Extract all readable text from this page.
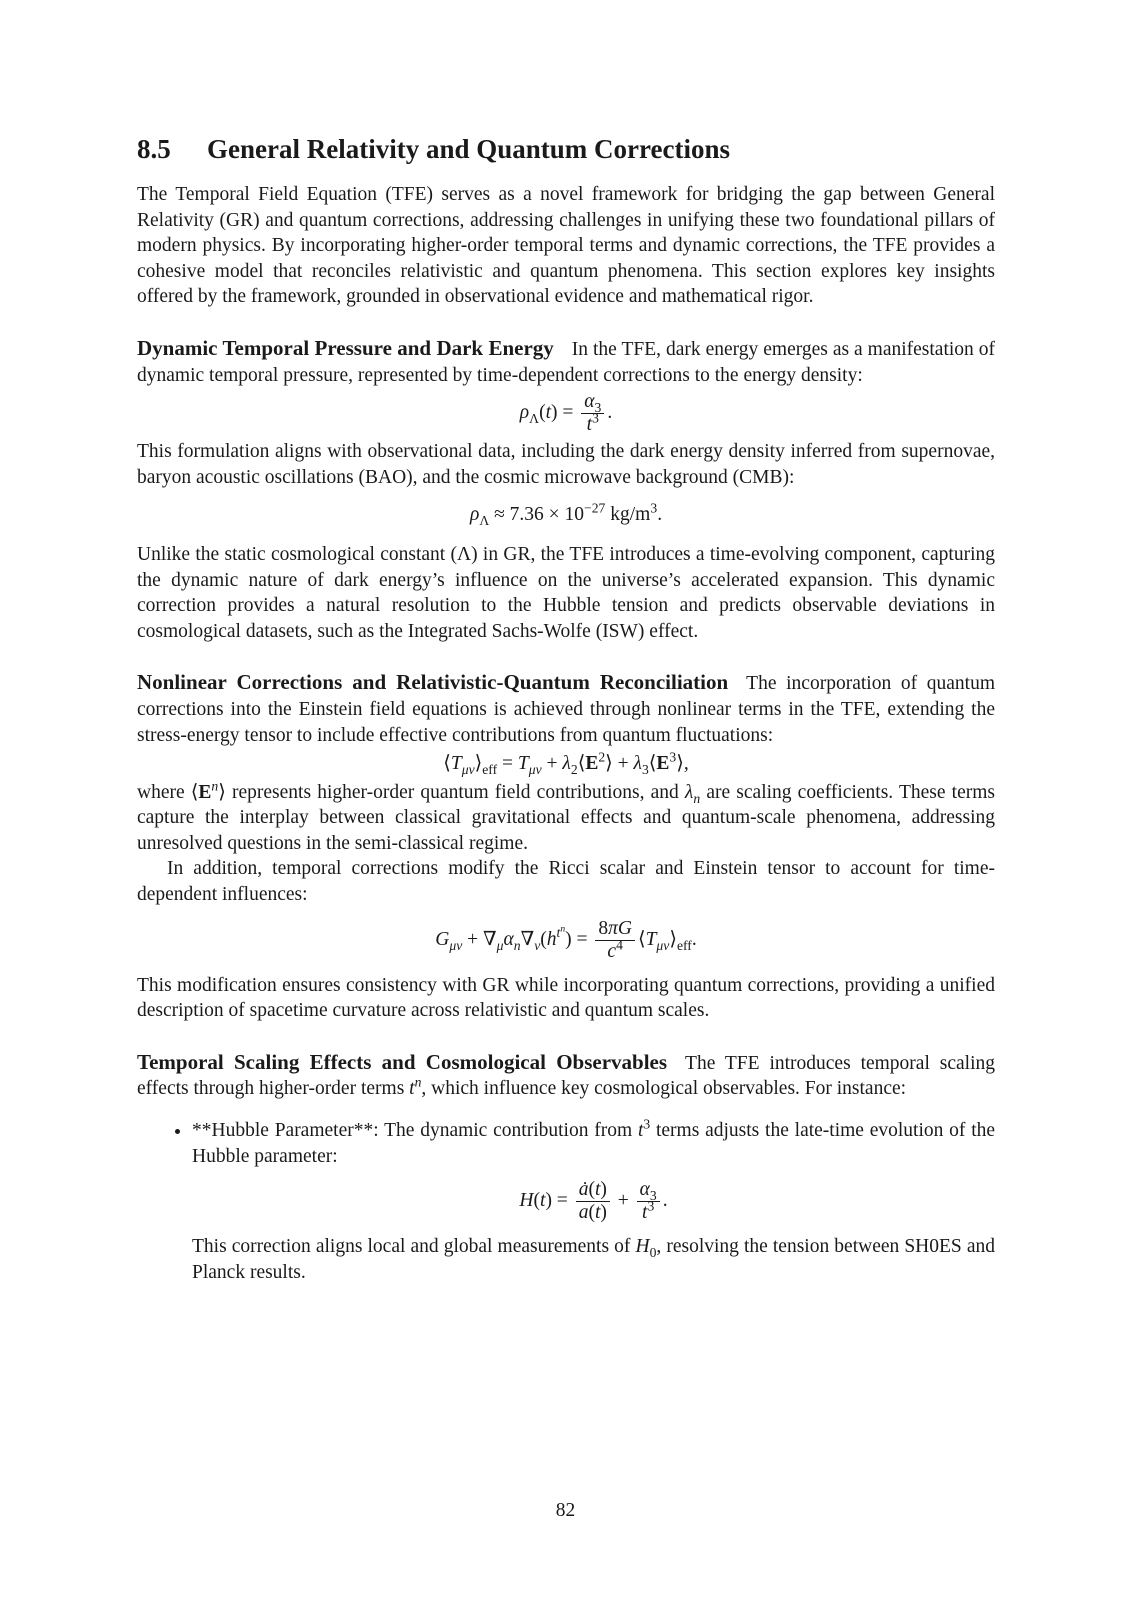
8.5 General Relativity and Quantum Corrections

The Temporal Field Equation (TFE) serves as a novel framework for bridging the gap between General Relativity (GR) and quantum corrections, addressing challenges in unifying these two foundational pillars of modern physics. By incorporating higher-order temporal terms and dynamic corrections, the TFE provides a cohesive model that reconciles relativistic and quantum phenomena. This section explores key insights offered by the framework, grounded in observational evidence and mathematical rigor.

Dynamic Temporal Pressure and Dark Energy In the TFE, dark energy emerges as a manifestation of dynamic temporal pressure, represented by time-dependent corrections to the energy density:

$\rho_\Lambda(t) = \frac{\alpha_3}{t^3}$ .

This formulation aligns with observational data, including the dark energy density inferred from supernovae, baryon acoustic oscillations (BAO), and the cosmic microwave background (CMB):

$\rho_\Lambda \approx 7.36 \times 10^{-27}$ $kg/m^3$.

Unlike the static cosmological constant (Λ) in GR, the TFE introduces a time-evolving component, capturing the dynamic nature of dark energy’s influence on the universe’s accelerated expansion. This dynamic correction provides a natural resolution to the Hubble tension and predicts observable deviations in cosmological datasets, such as the Integrated Sachs-Wolfe (ISW) effect.

Nonlinear Corrections and Relativistic-Quantum Reconciliation The incorporation of quantum corrections into the Einstein field equations is achieved through nonlinear terms in the TFE, extending the stress-energy tensor to include effective contributions from quantum fluctuations:

$⟨T_{\mu\nu}⟩_{eff} = T_{\mu\nu}$ + $\lambda_2⟨E^2⟩$ + $\lambda_3⟨E^3⟩$,

where $⟨E^n⟩$ represents higher-order quantum field contributions, and $\lambda_n$ are scaling coefficients. These terms capture the interplay between classical gravitational effects and quantum-scale phenomena, addressing unresolved questions in the semi-classical regime.

In addition, temporal corrections modify the Ricci scalar and Einstein tensor to account for time-dependent influences:

$G_{\mu\nu} + \nabla_\mu\alpha_n\nabla_\nu(h^{t^n}) = \frac{8\pi G}{c^4}$ $⟨T_{\mu\nu}⟩_{eff}$.

This modification ensures consistency with GR while incorporating quantum corrections, providing a unified description of spacetime curvature across relativistic and quantum scales.

Temporal Scaling Effects and Cosmological Observables The TFE introduces temporal scaling effects through higher-order terms $t^n$, which influence key cosmological observables. For instance:

• **Hubble Parameter**: The dynamic contribution from $t^3$ terms adjusts the late-time evolution of the Hubble parameter:

$H(t) = \frac{ȧ(t)}{a(t)} + \frac{\alpha_3}{t^3}$ .

This correction aligns local and global measurements of $H_0$, resolving the tension between SH0ES and Planck results.

82
